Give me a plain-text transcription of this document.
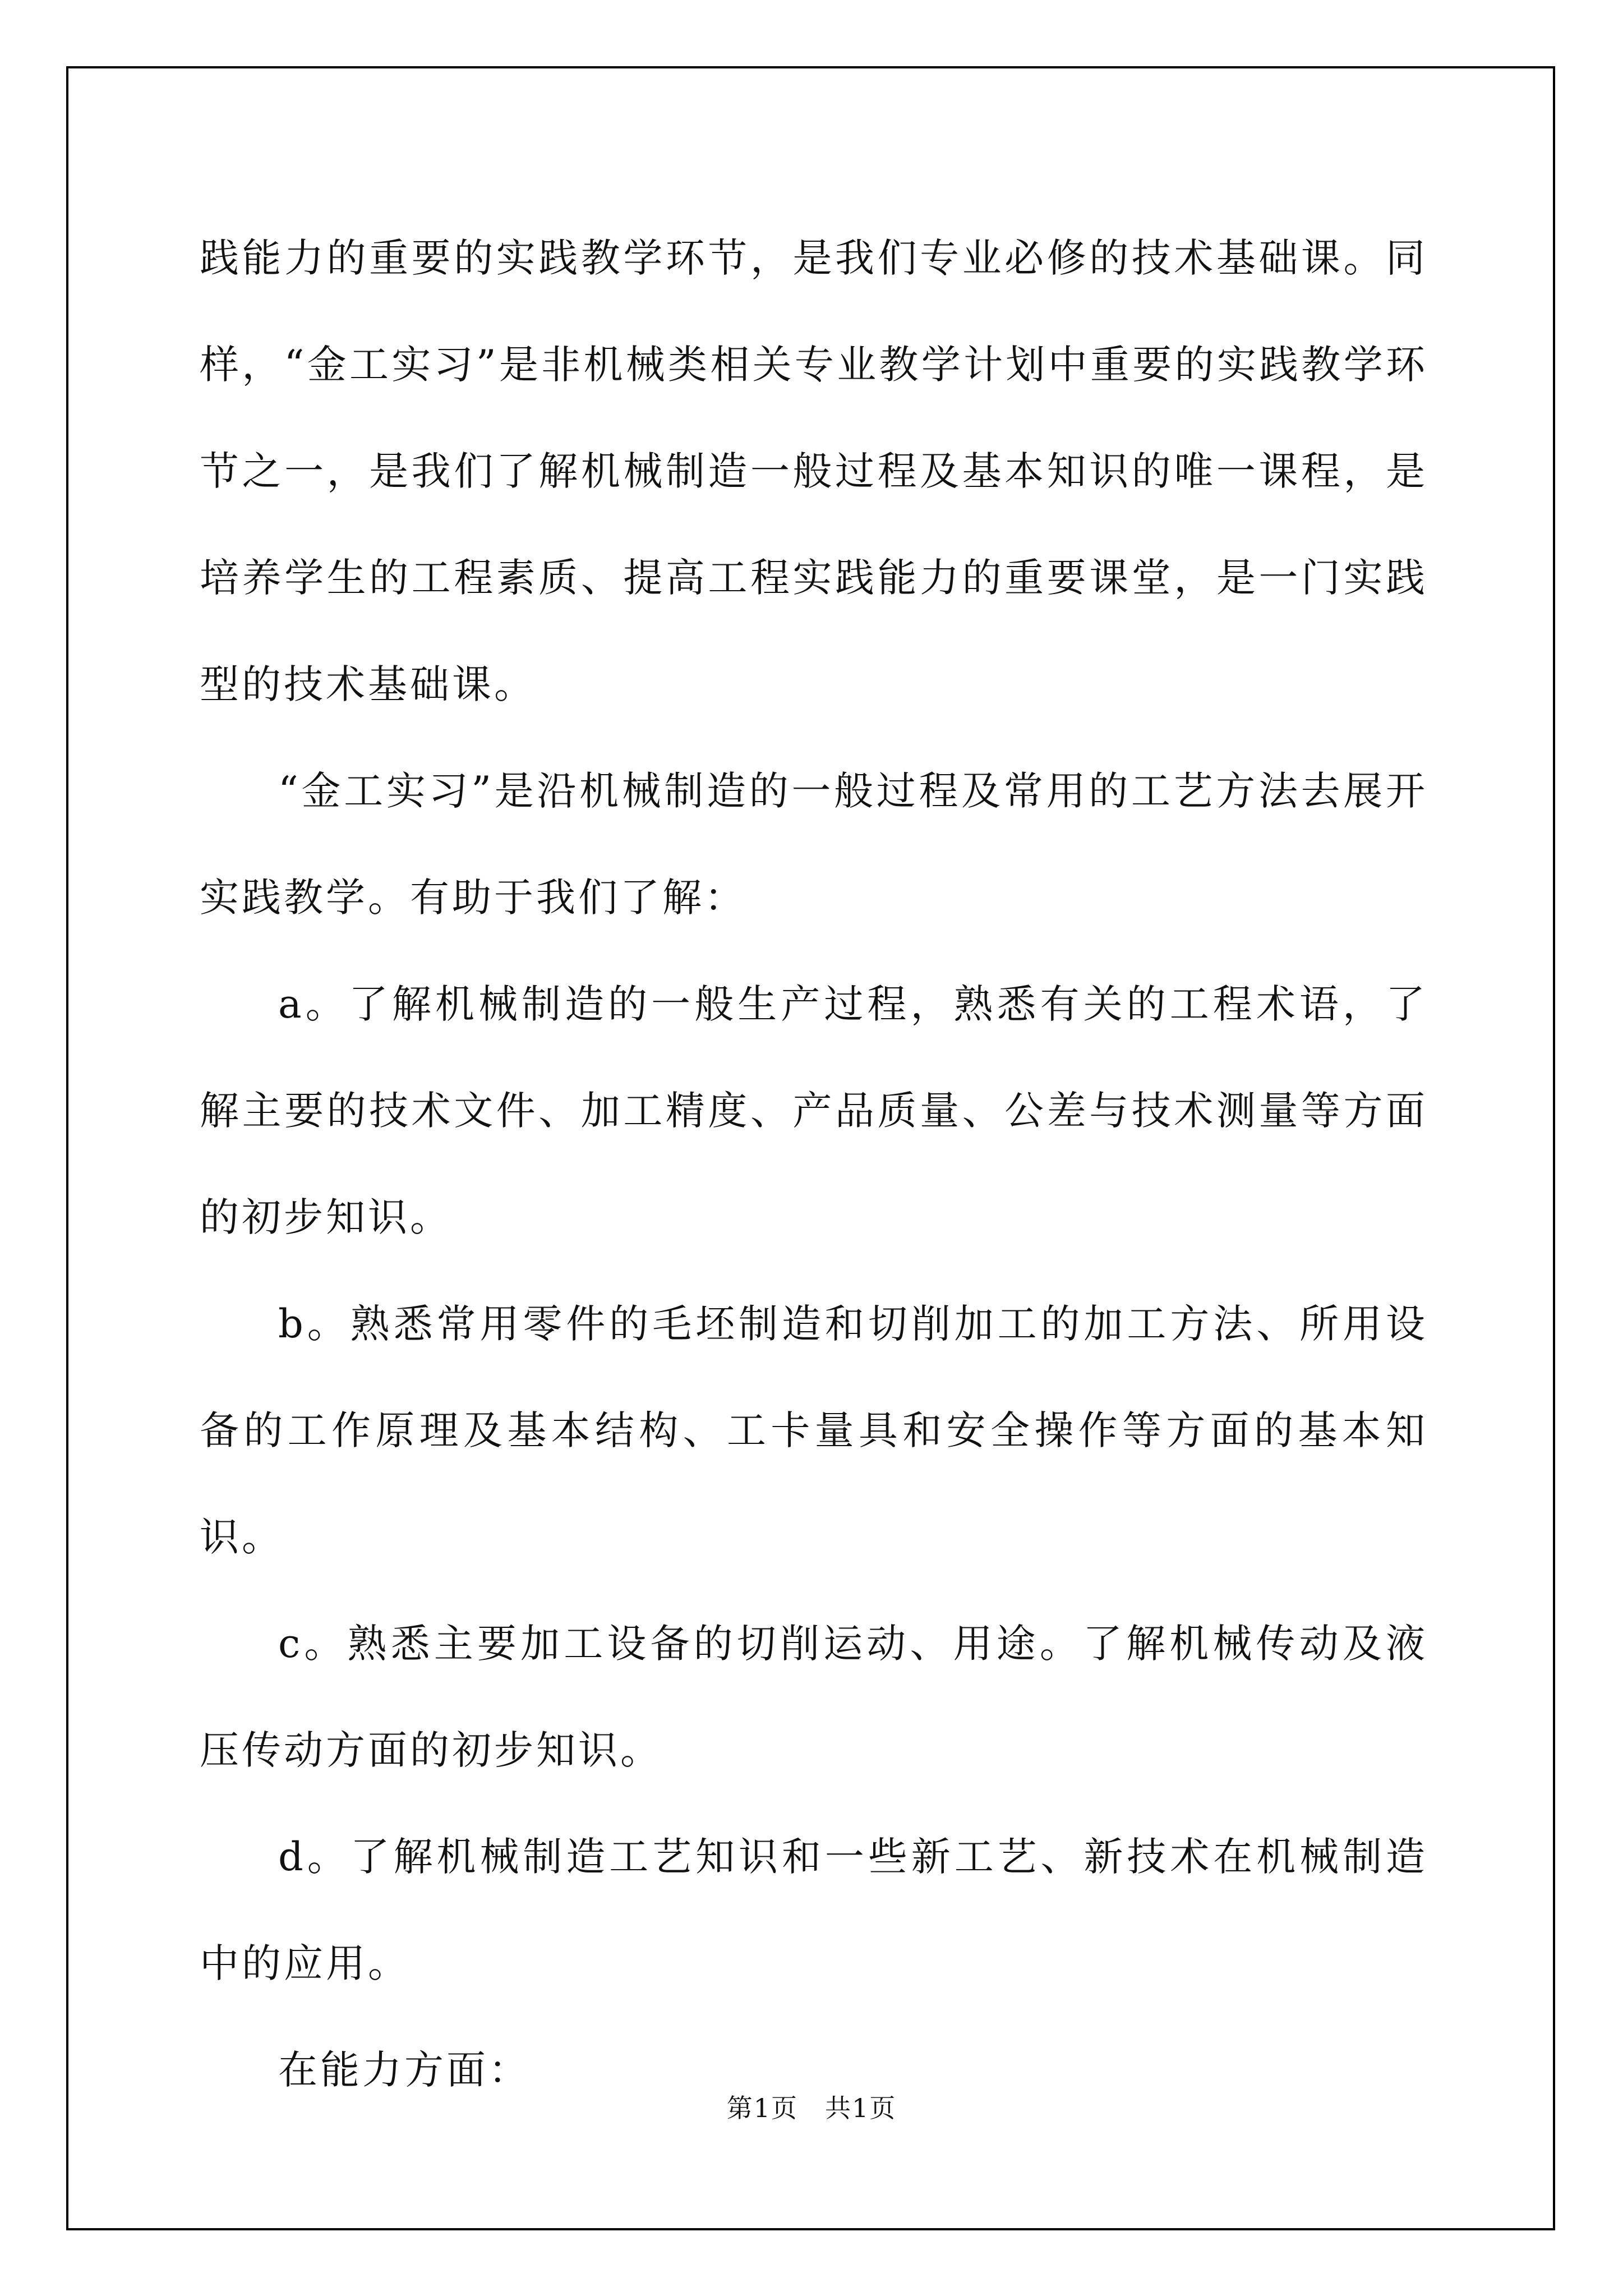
践能力的重要的实践教学环节，是我们专业必修的技术基础课。同样，“金工实习”是非机械类相关专业教学计划中重要的实践教学环节之一，是我们了解机械制造一般过程及基本知识的唯一课程，是培养学生的工程素质、提高工程实践能力的重要课堂，是一门实践型的技术基础课。

“金工实习”是沿机械制造的一般过程及常用的工艺方法去展开实践教学。有助于我们了解：

a。了解机械制造的一般生产过程，熟悉有关的工程术语，了解主要的技术文件、加工精度、产品质量、公差与技术测量等方面的初步知识。

b。熟悉常用零件的毛坯制造和切削加工的加工方法、所用设备的工作原理及基本结构、工卡量具和安全操作等方面的基本知识。

c。熟悉主要加工设备的切削运动、用途。了解机械传动及液压传动方面的初步知识。

d。了解机械制造工艺知识和一些新工艺、新技术在机械制造中的应用。

在能力方面：

第1页　共1页
